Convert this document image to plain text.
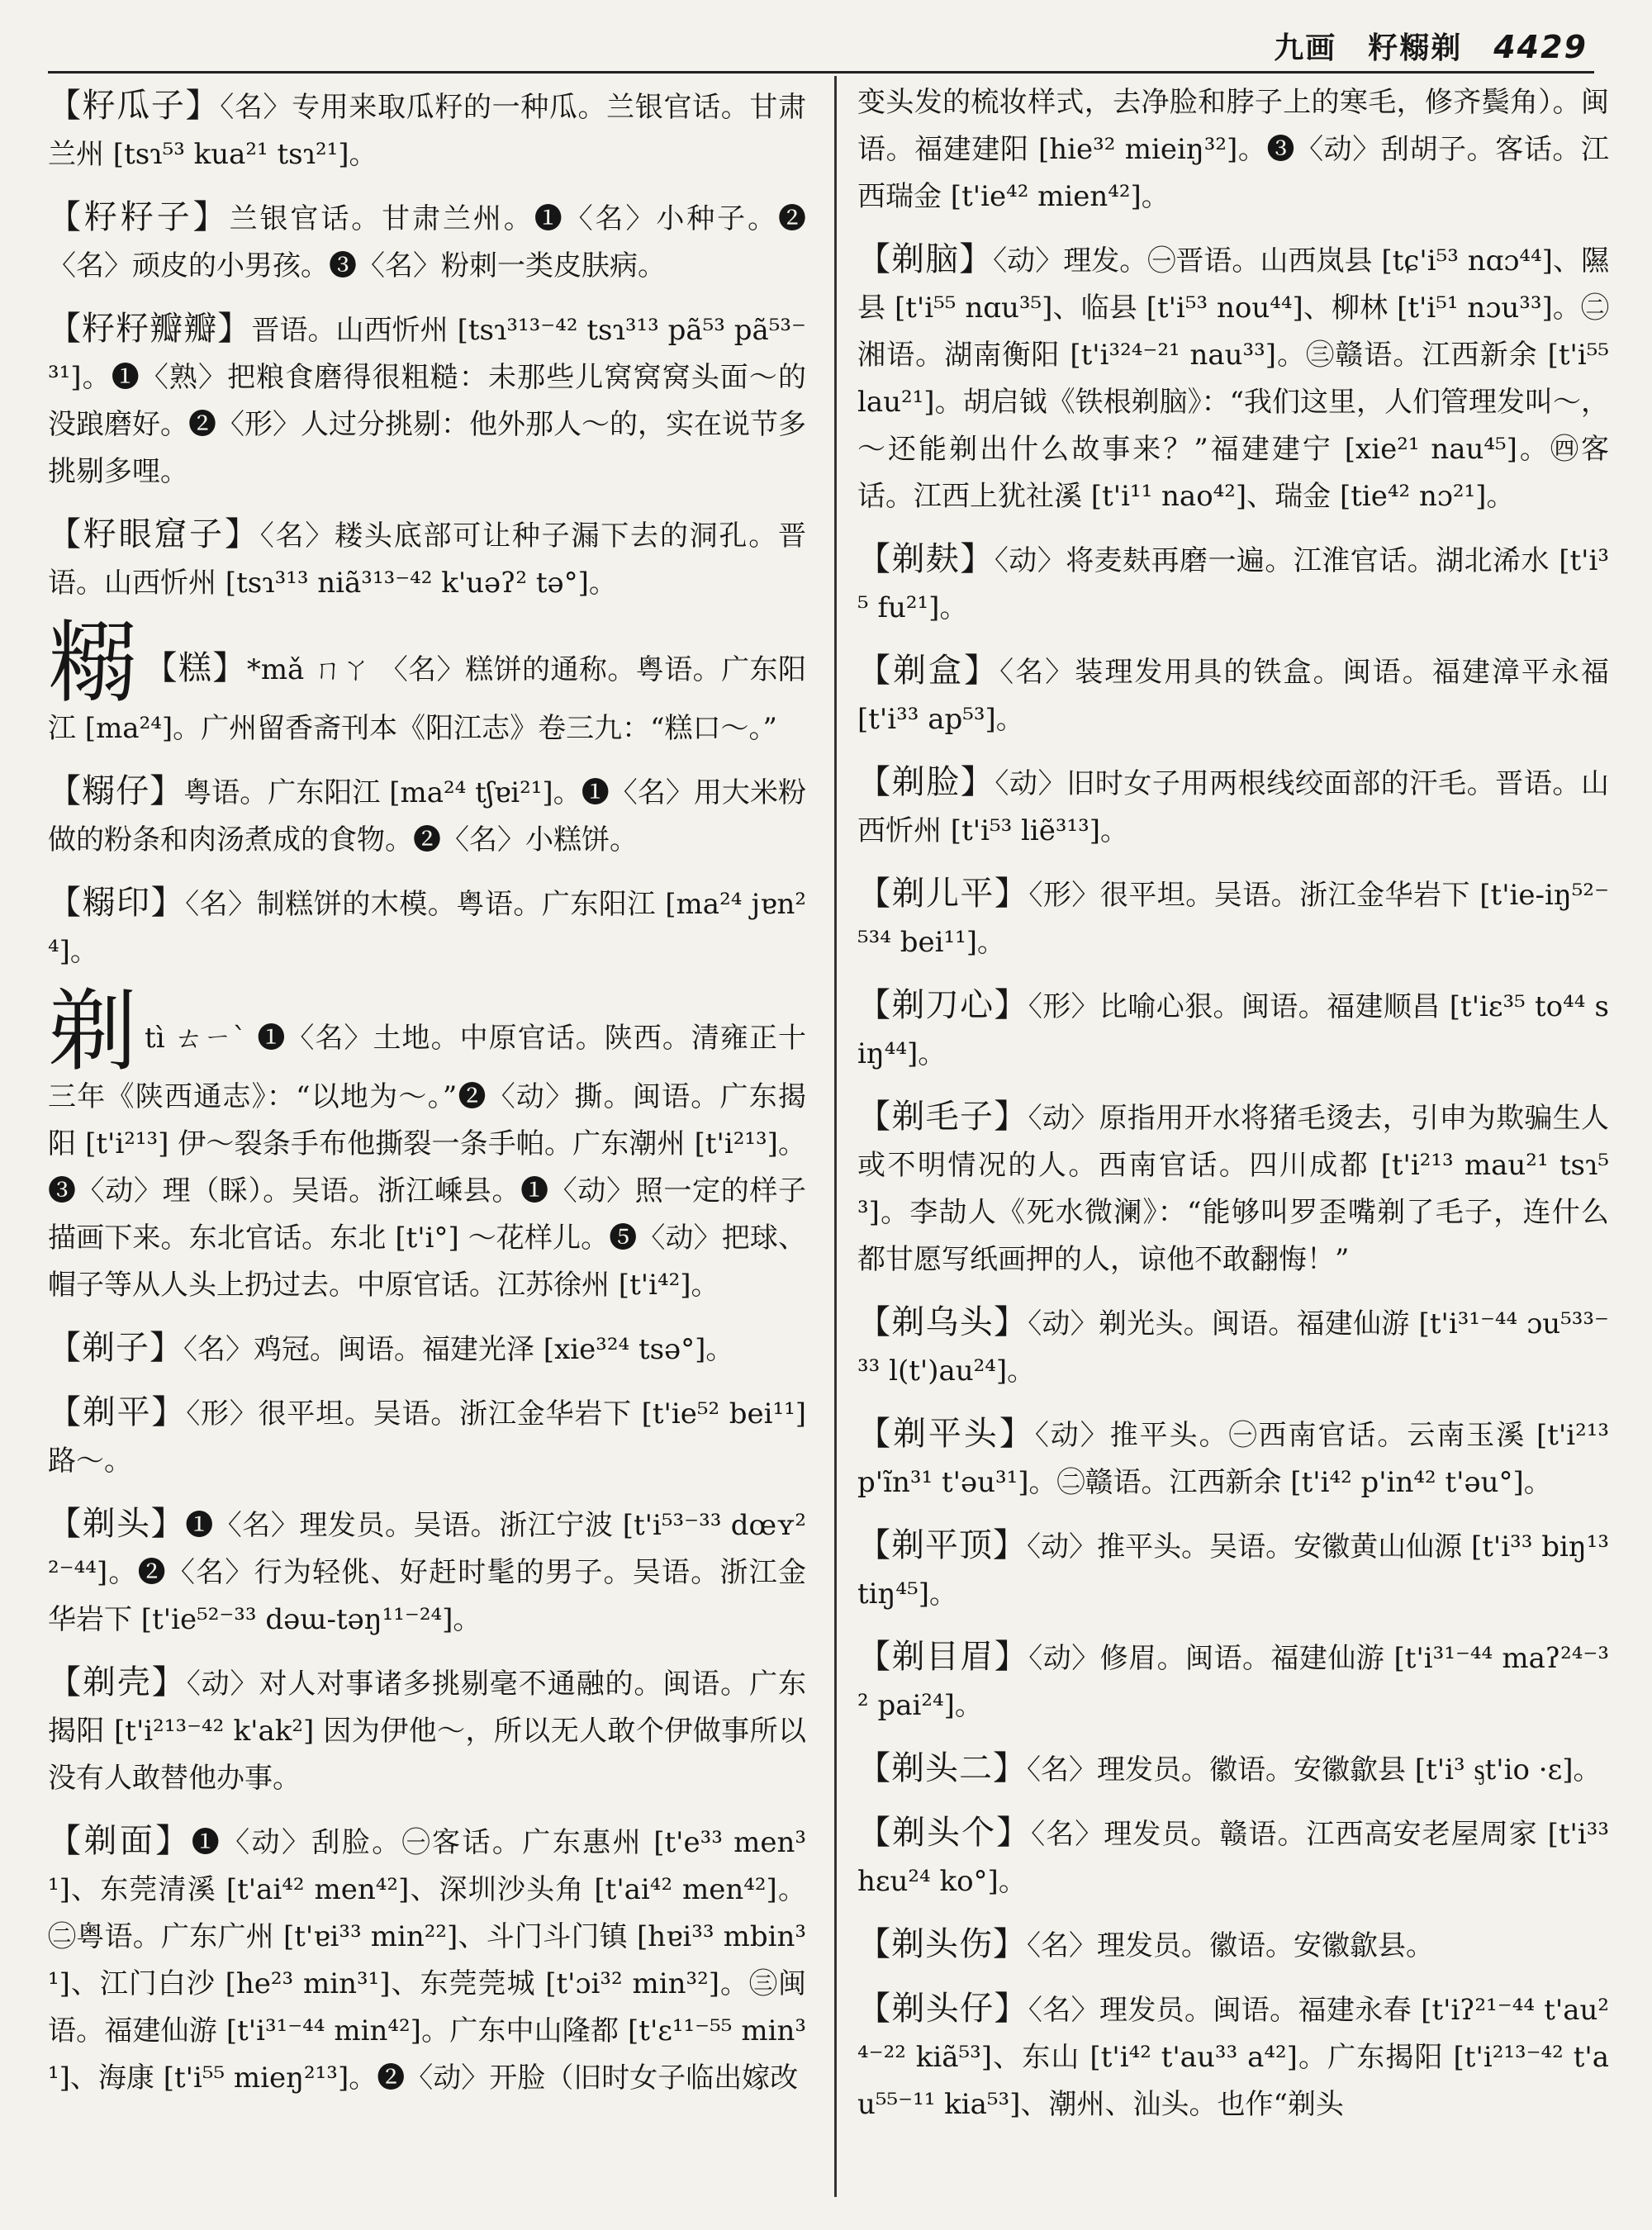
九画 籽糑剃 4429
【籽瓜子】〈名〉专用来取瓜籽的一种瓜。兰银官话。甘肃兰州 [tsɿ⁵³ kua²¹ tsɿ²¹]。
【籽籽子】兰银官话。甘肃兰州。❶〈名〉小种子。❷〈名〉顽皮的小男孩。❸〈名〉粉刺一类皮肤病。
【籽籽瓣瓣】晋语。山西忻州 [tsɿ³¹³⁻⁴² tsɿ³¹³ pã⁵³ pã⁵³⁻³¹]。❶〈熟〉把粮食磨得很粗糙：未那些儿窝窝窝头面～的没踉磨好。❷〈形〉人过分挑剔：他外那人～的，实在说节多挑剔多哩。
【籽眼窟子】〈名〉耧头底部可让种子漏下去的洞孔。晋语。山西忻州 [tsɿ³¹³ niã³¹³⁻⁴² k'uəʔ² tə°]。
糑 【糕】*mǎ ㄇㄚ 〈名〉糕饼的通称。粤语。广东阳江 [ma²⁴]。广州留香斋刊本《阳江志》卷三九：“糕口～。”
【糑仔】粤语。广东阳江 [ma²⁴ tʃɐi²¹]。❶〈名〉用大米粉做的粉条和肉汤煮成的食物。❷〈名〉小糕饼。
【糑印】〈名〉制糕饼的木模。粤语。广东阳江 [ma²⁴ jɐn²⁴]。
剃tì ㄊㄧˋ ❶〈名〉土地。中原官话。陕西。清雍正十三年《陕西通志》：“以地为～。”❷〈动〉撕。闽语。广东揭阳 [t'i²¹³] 伊～裂条手布他撕裂一条手帕。广东潮州 [t'i²¹³]。❸〈动〉理（睬）。吴语。浙江嵊县。❶〈动〉照一定的样子描画下来。东北官话。东北 [t'i°] ～花样儿。❺〈动〉把球、帽子等从人头上扔过去。中原官话。江苏徐州 [t'i⁴²]。
【剃子】〈名〉鸡冠。闽语。福建光泽 [xie³²⁴ tsə°]。
【剃平】〈形〉很平坦。吴语。浙江金华岩下 [t'ie⁵² bei¹¹] 路～。
【剃头】❶〈名〉理发员。吴语。浙江宁波 [t'i⁵³⁻³³ dœʏ²²⁻⁴⁴]。❷〈名〉行为轻佻、好赶时髦的男子。吴语。浙江金华岩下 [t'ie⁵²⁻³³ dəɯ-təŋ¹¹⁻²⁴]。
【剃壳】〈动〉对人对事诸多挑剔毫不通融的。闽语。广东揭阳 [t'i²¹³⁻⁴² k'ak²] 因为伊他～，所以无人敢个伊做事所以没有人敢替他办事。
【剃面】❶〈动〉刮脸。㊀客话。广东惠州 [t'e³³ men³¹]、东莞清溪 [t'ai⁴² men⁴²]、深圳沙头角 [t'ai⁴² men⁴²]。㊁粤语。广东广州 [t'ɐi³³ min²²]、斗门斗门镇 [hɐi³³ mbin³¹]、江门白沙 [he²³ min³¹]、东莞莞城 [t'ɔi³² min³²]。㊂闽语。福建仙游 [t'i³¹⁻⁴⁴ min⁴²]。广东中山隆都 [t'ɛ¹¹⁻⁵⁵ min³¹]、海康 [t'i⁵⁵ mieŋ²¹³]。❷〈动〉开脸（旧时女子临出嫁改
变头发的梳妆样式，去净脸和脖子上的寒毛，修齐鬓角）。闽语。福建建阳 [hie³² mieiŋ³²]。❸〈动〉刮胡子。客话。江西瑞金 [t'ie⁴² mien⁴²]。
【剃脑】〈动〉理发。㊀晋语。山西岚县 [tɕ'i⁵³ nɑɔ⁴⁴]、隰县 [t'i⁵⁵ nɑu³⁵]、临县 [t'i⁵³ nou⁴⁴]、柳林 [t'i⁵¹ nɔu³³]。㊁湘语。湖南衡阳 [t'i³²⁴⁻²¹ nau³³]。㊂赣语。江西新余 [t'i⁵⁵ lau²¹]。胡启钺《铁根剃脑》：“我们这里，人们管理发叫～，～还能剃出什么故事来？”福建建宁 [xie²¹ nau⁴⁵]。㊃客话。江西上犹社溪 [t'i¹¹ nao⁴²]、瑞金 [tie⁴² nɔ²¹]。
【剃麸】〈动〉将麦麸再磨一遍。江淮官话。湖北浠水 [t'i³⁵ fu²¹]。
【剃盒】〈名〉装理发用具的铁盒。闽语。福建漳平永福 [t'i³³ ap⁵³]。
【剃脸】〈动〉旧时女子用两根线绞面部的汗毛。晋语。山西忻州 [t'i⁵³ liẽ³¹³]。
【剃儿平】〈形〉很平坦。吴语。浙江金华岩下 [t'ie-iŋ⁵²⁻⁵³⁴ bei¹¹]。
【剃刀心】〈形〉比喻心狠。闽语。福建顺昌 [t'iɛ³⁵ to⁴⁴ siŋ⁴⁴]。
【剃毛子】〈动〉原指用开水将猪毛烫去，引申为欺骗生人或不明情况的人。西南官话。四川成都 [t'i²¹³ mau²¹ tsɿ⁵³]。李劼人《死水微澜》：“能够叫罗歪嘴剃了毛子，连什么都甘愿写纸画押的人，谅他不敢翻悔！”
【剃乌头】〈动〉剃光头。闽语。福建仙游 [t'i³¹⁻⁴⁴ ɔu⁵³³⁻³³ l(t')au²⁴]。
【剃平头】〈动〉推平头。㊀西南官话。云南玉溪 [t'i²¹³ p'ĩn³¹ t'əu³¹]。㊁赣语。江西新余 [t'i⁴² p'in⁴² t'əu°]。
【剃平顶】〈动〉推平头。吴语。安徽黄山仙源 [t'i³³ biŋ¹³ tiŋ⁴⁵]。
【剃目眉】〈动〉修眉。闽语。福建仙游 [t'i³¹⁻⁴⁴ maʔ²⁴⁻³² pai²⁴]。
【剃头二】〈名〉理发员。徽语。安徽歙县 [t'i³ ᶊt'io ·ɛ]。
【剃头个】〈名〉理发员。赣语。江西高安老屋周家 [t'i³³ hɛu²⁴ ko°]。
【剃头伤】〈名〉理发员。徽语。安徽歙县。
【剃头仔】〈名〉理发员。闽语。福建永春 [t'iʔ²¹⁻⁴⁴ t'au²⁴⁻²² kiã⁵³]、东山 [t'i⁴² t'au³³ a⁴²]。广东揭阳 [t'i²¹³⁻⁴² t'au⁵⁵⁻¹¹ kia⁵³]、潮州、汕头。也作“剃头
